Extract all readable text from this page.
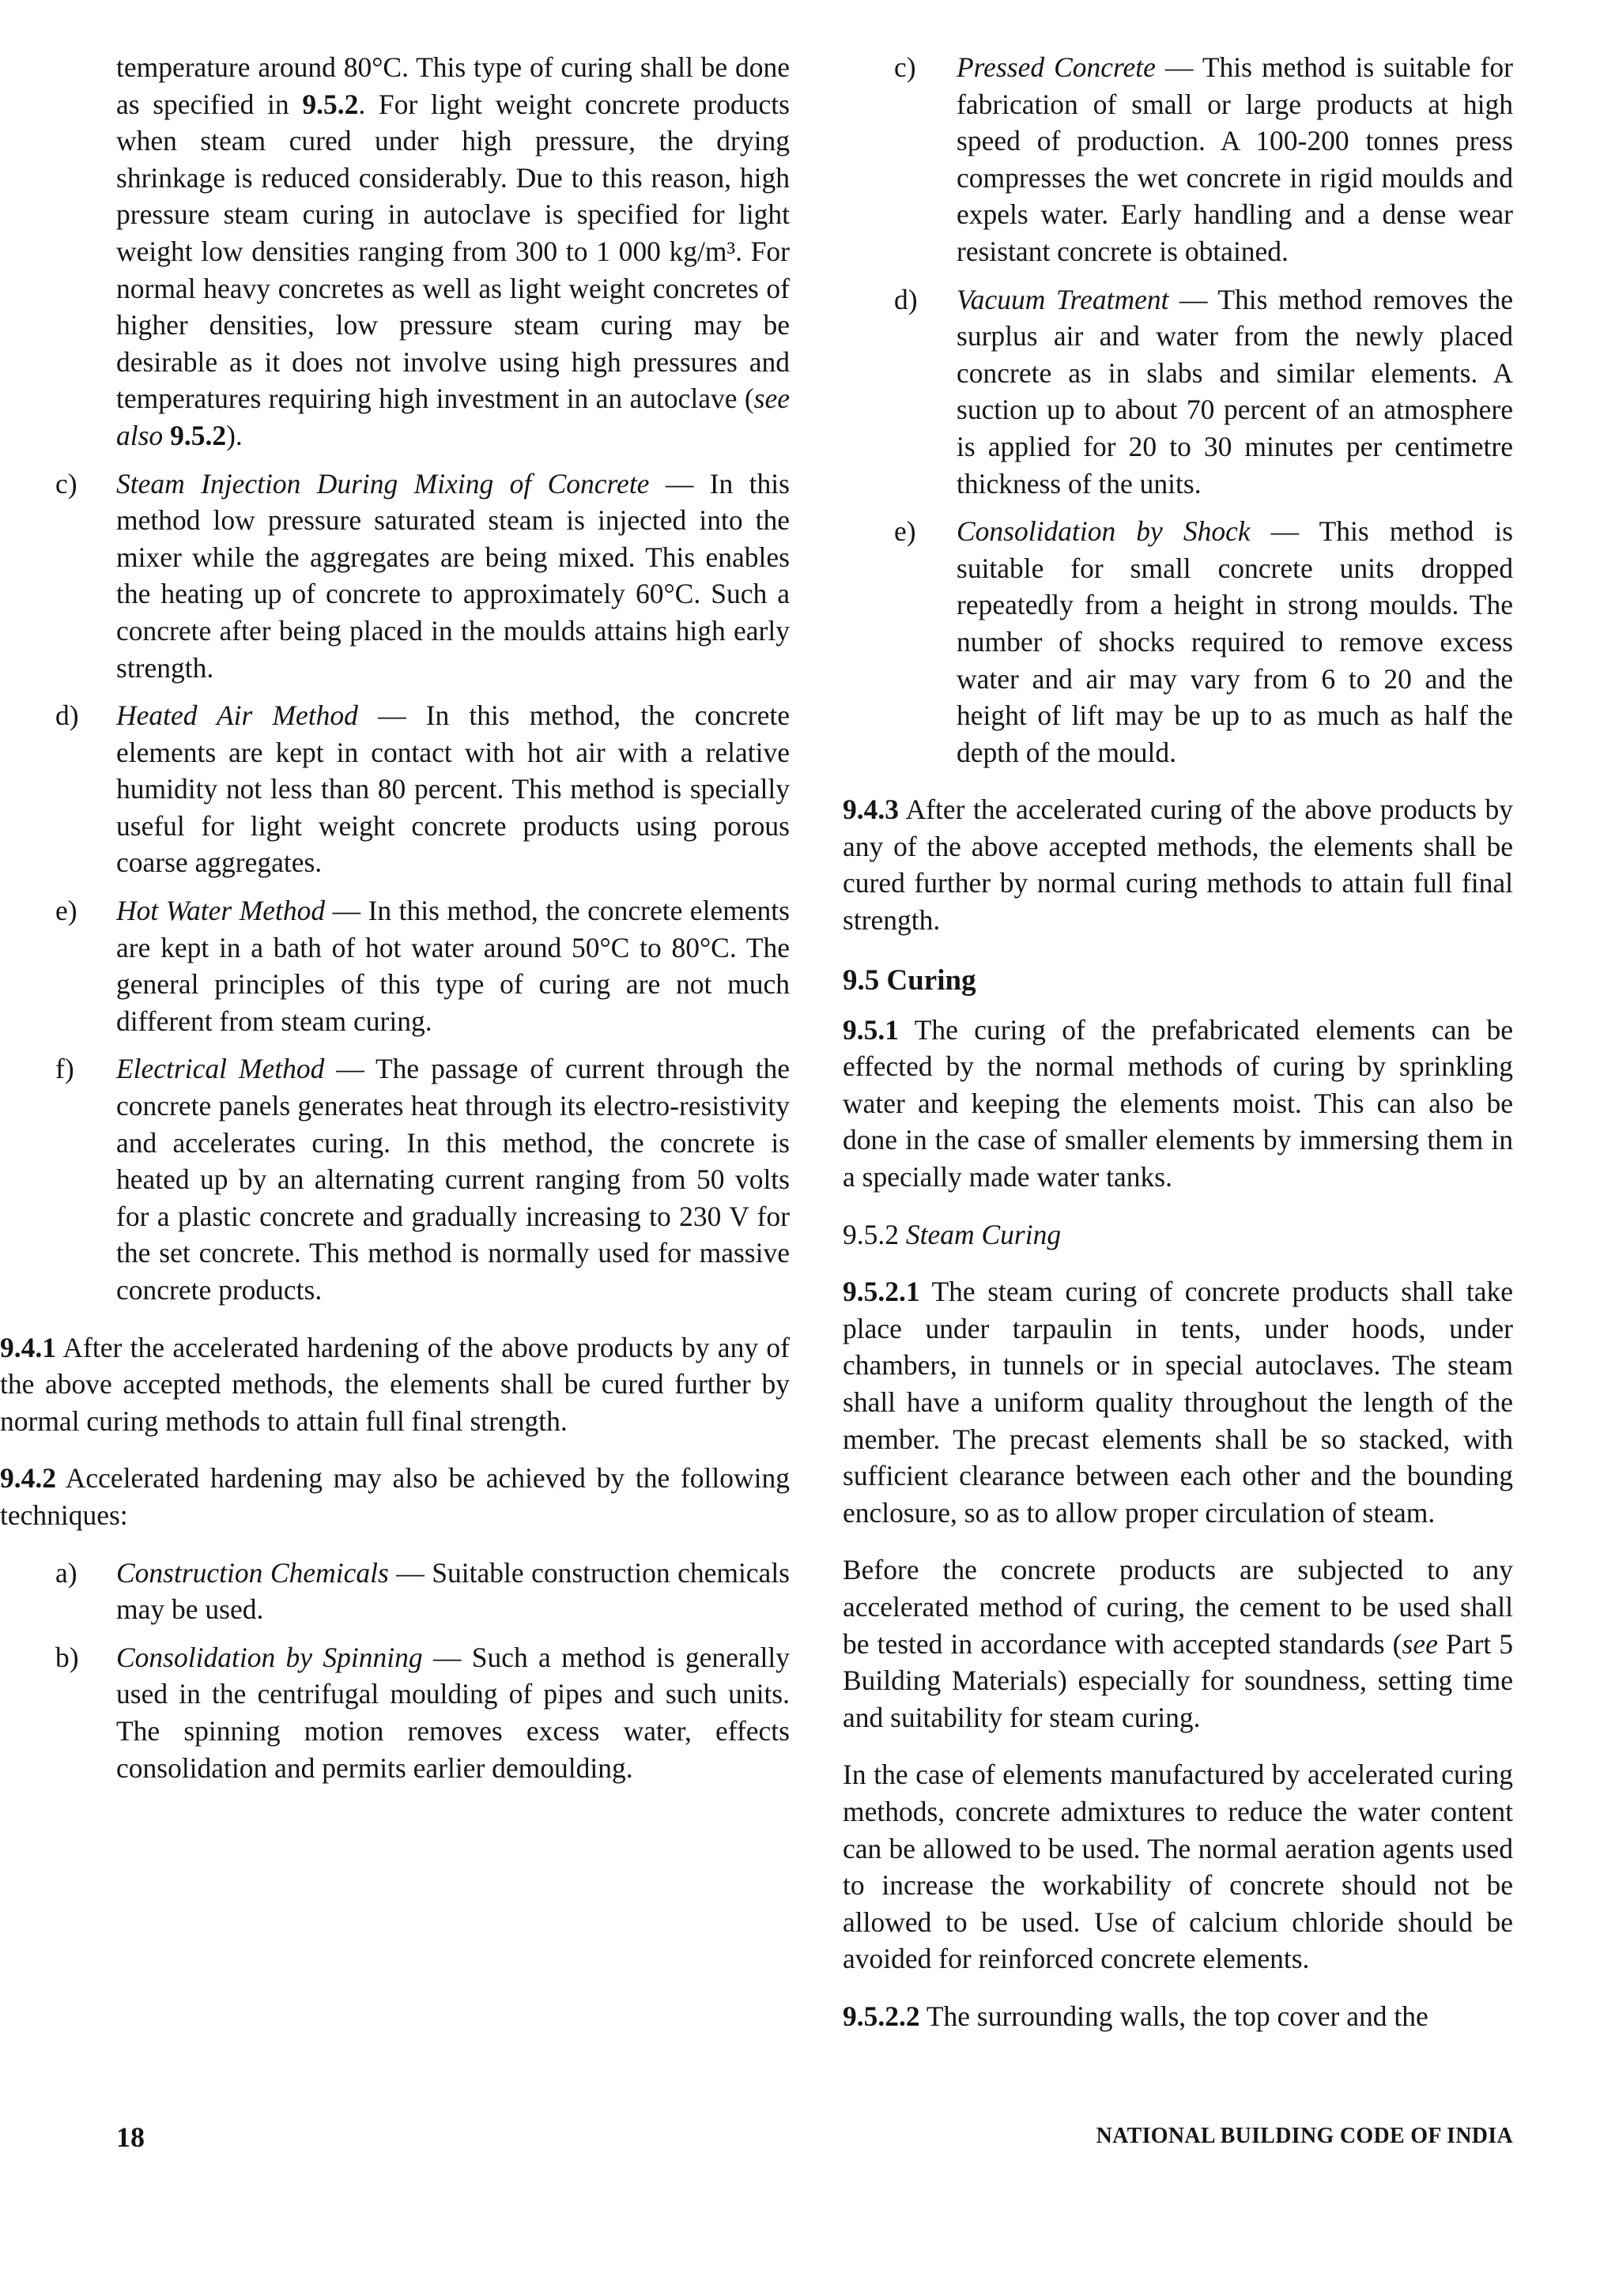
temperature around 80°C. This type of curing shall be done as specified in 9.5.2. For light weight concrete products when steam cured under high pressure, the drying shrinkage is reduced considerably. Due to this reason, high pressure steam curing in autoclave is specified for light weight low densities ranging from 300 to 1 000 kg/m³. For normal heavy concretes as well as light weight concretes of higher densities, low pressure steam curing may be desirable as it does not involve using high pressures and temperatures requiring high investment in an autoclave (see also 9.5.2).

c)	Steam Injection During Mixing of Concrete — In this method low pressure saturated steam is injected into the mixer while the aggregates are being mixed. This enables the heating up of concrete to approximately 60°C. Such a concrete after being placed in the moulds attains high early strength.
d)	Heated Air Method — In this method, the concrete elements are kept in contact with hot air with a relative humidity not less than 80 percent. This method is specially useful for light weight concrete products using porous coarse aggregates.
e)	Hot Water Method — In this method, the concrete elements are kept in a bath of hot water around 50°C to 80°C. The general principles of this type of curing are not much different from steam curing.
f)	Electrical Method — The passage of current through the concrete panels generates heat through its electro-resistivity and accelerates curing. In this method, the concrete is heated up by an alternating current ranging from 50 volts for a plastic concrete and gradually increasing to 230 V for the set concrete. This method is normally used for massive concrete products.

9.4.1 After the accelerated hardening of the above products by any of the above accepted methods, the elements shall be cured further by normal curing methods to attain full final strength.

9.4.2 Accelerated hardening may also be achieved by the following techniques:

a)	Construction Chemicals — Suitable construction chemicals may be used.
b)	Consolidation by Spinning — Such a method is generally used in the centrifugal moulding of pipes and such units. The spinning motion removes excess water, effects consolidation and permits earlier demoulding.
c)	Pressed Concrete — This method is suitable for fabrication of small or large products at high speed of production. A 100-200 tonnes press compresses the wet concrete in rigid moulds and expels water. Early handling and a dense wear resistant concrete is obtained.
d)	Vacuum Treatment — This method removes the surplus air and water from the newly placed concrete as in slabs and similar elements. A suction up to about 70 percent of an atmosphere is applied for 20 to 30 minutes per centimetre thickness of the units.
e)	Consolidation by Shock — This method is suitable for small concrete units dropped repeatedly from a height in strong moulds. The number of shocks required to remove excess water and air may vary from 6 to 20 and the height of lift may be up to as much as half the depth of the mould.

9.4.3 After the accelerated curing of the above products by any of the above accepted methods, the elements shall be cured further by normal curing methods to attain full final strength.

9.5 Curing

9.5.1 The curing of the prefabricated elements can be effected by the normal methods of curing by sprinkling water and keeping the elements moist. This can also be done in the case of smaller elements by immersing them in a specially made water tanks.

9.5.2 Steam Curing

9.5.2.1 The steam curing of concrete products shall take place under tarpaulin in tents, under hoods, under chambers, in tunnels or in special autoclaves. The steam shall have a uniform quality throughout the length of the member. The precast elements shall be so stacked, with sufficient clearance between each other and the bounding enclosure, so as to allow proper circulation of steam.

Before the concrete products are subjected to any accelerated method of curing, the cement to be used shall be tested in accordance with accepted standards (see Part 5 Building Materials) especially for soundness, setting time and suitability for steam curing.

In the case of elements manufactured by accelerated curing methods, concrete admixtures to reduce the water content can be allowed to be used. The normal aeration agents used to increase the workability of concrete should not be allowed to be used. Use of calcium chloride should be avoided for reinforced concrete elements.

9.5.2.2 The surrounding walls, the top cover and the

18	NATIONAL BUILDING CODE OF INDIA
